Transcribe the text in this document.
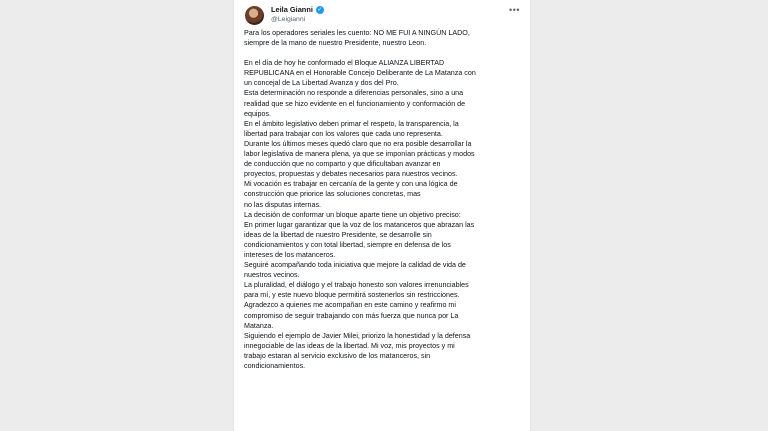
Leila Gianni ✓
@Leigianni
•••

Para los operadores seriales les cuento: NO ME FUI A NINGÚN LADO,
siempre de la mano de nuestro Presidente, nuestro Leon.

En el día de hoy he conformado el Bloque ALIANZA LIBERTAD
REPUBLICANA en el Honorable Concejo Deliberante de La Matanza con
un concejal de La Libertad Avanza y dos del Pro.
Esta determinación no responde a diferencias personales, sino a una
realidad que se hizo evidente en el funcionamiento y conformación de
equipos.
En el ámbito legislativo deben primar el respeto, la transparencia, la
libertad para trabajar con los valores que cada uno representa.
Durante los últimos meses quedó claro que no era posible desarrollar la
labor legislativa de manera plena, ya que se imponían prácticas y modos
de conducción que no comparto y que dificultaban avanzar en
proyectos, propuestas y debates necesarios para nuestros vecinos.
Mi vocación es trabajar en cercanía de la gente y con una lógica de
construcción que priorice las soluciones concretas, mas
no las disputas internas.
La decisión de conformar un bloque aparte tiene un objetivo preciso:
En primer lugar garantizar que la voz de los matanceros que abrazan las
ideas de la libertad de nuestro Presidente, se desarrolle sin
condicionamientos y con total libertad, siempre en defensa de los
intereses de los matanceros.
Seguiré acompañando toda iniciativa que mejore la calidad de vida de
nuestros vecinos.
La pluralidad, el diálogo y el trabajo honesto son valores irrenunciables
para mí, y este nuevo bloque permitirá sostenerlos sin restricciones.
Agradezco a quienes me acompañan en este camino y reafirmo mi
compromiso de seguir trabajando con más fuerza que nunca por La
Matanza.
Siguiendo el ejemplo de Javier Milei, priorizo la honestidad y la defensa
innegociable de las ideas de la libertad. Mi voz, mis proyectos y mi
trabajo estaran al servicio exclusivo de los matanceros, sin
condicionamientos.
